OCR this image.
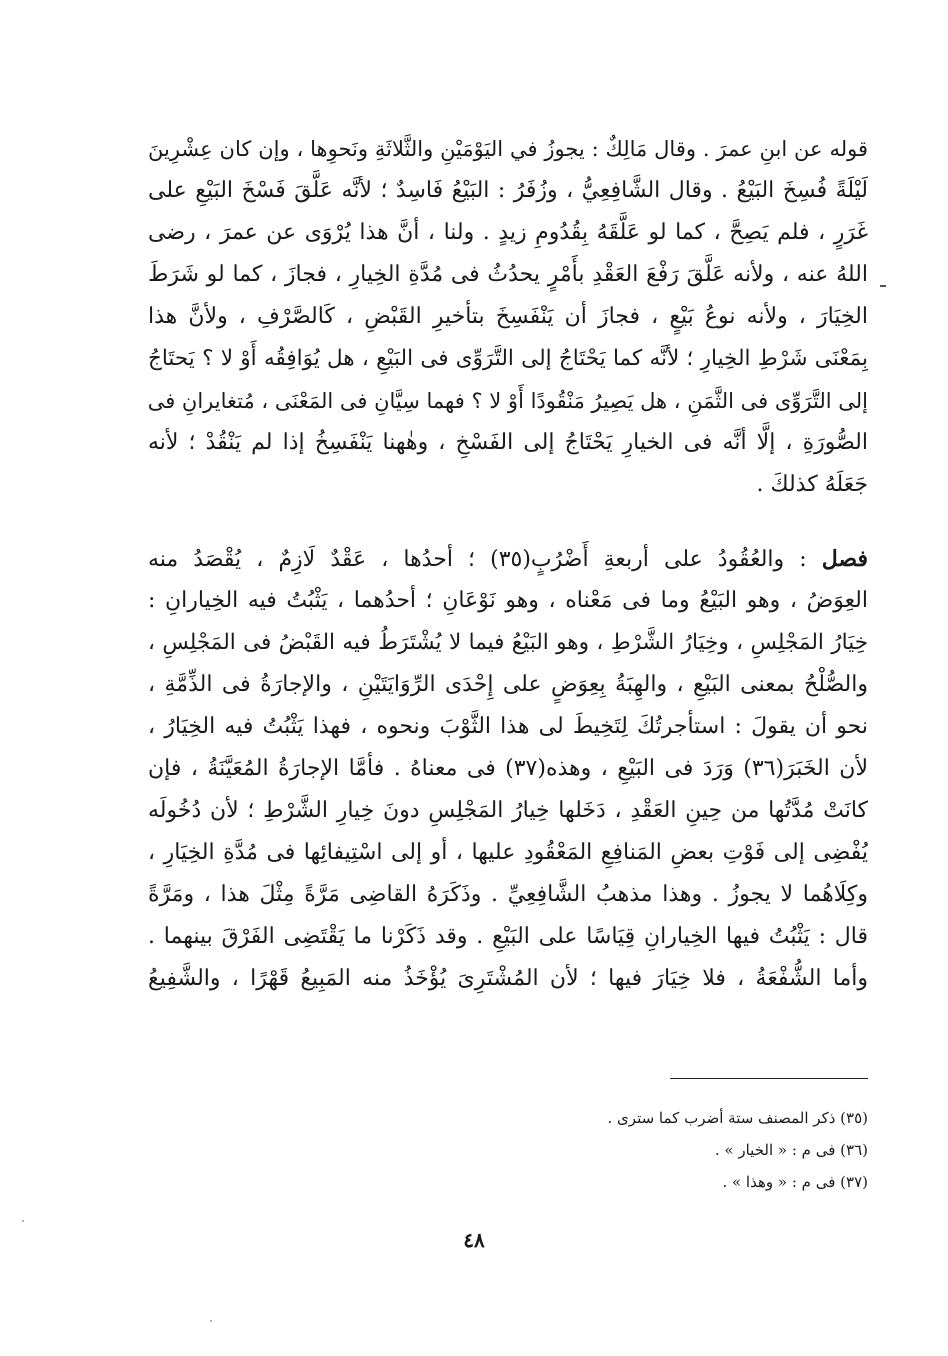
قوله عن ابنِ عمرَ . وقال مَالِكٌ : يجوزُ في اليَوْمَيْنِ والثَّلاثَةِ ونَحوِها ، وإن كان عِشْرِينَ
لَيْلَةً فُسِخَ البَيْعُ . وقال الشَّافِعِيُّ ، وزُفَرُ : البَيْعُ فَاسِدٌ ؛ لأنَّه عَلَّقَ فَسْخَ البَيْعِ على
غَرَرٍ ، فلم يَصِحَّ ، كما لو عَلَّقَهُ بِقُدُومِ زيدٍ . ولنا ، أنَّ هذا يُرْوَى عن عمرَ ، رضى
اللهُ عنه ، ولأنه عَلَّقَ رَفْعَ العَقْدِ بأَمْرٍ يحدُثُ فى مُدَّةِ الخِيارِ ، فجازَ ، كما لو شَرَطَ
الخِيَارَ ، ولأنه نوعُ بَيْعٍ ، فجازَ أن يَنْفَسِخَ بتأخيرِ القَبْضِ ، كَالصَّرْفِ ، ولأنَّ هذا
بِمَعْنَى شَرْطِ الخِيارِ ؛ لأنَّه كما يَحْتَاجُ إلى التَّرَوِّى فى البَيْعِ ، هل يُوَافِقُه أَوْ لا ؟ يَحتَاجُ
إلى التَّرَوِّى فى الثَّمَنِ ، هل يَصِيرُ مَنْقُودًا أَوْ لا ؟ فهما سِيَّانِ فى المَعْنَى ، مُتغايرانِ فى
الصُّورَةِ ، إلَّا أنَّه فى الخيارِ يَحْتَاجُ إلى الفَسْخِ ، وهٰهنا يَنْفَسِخُ إذا لم يَنْقُدْ ؛ لأنه
جَعَلَهُ كذلكَ .
فصل : والعُقُودُ على أربعةِ أَضْرُبٍ(٣٥) ؛ أحدُها ، عَقْدٌ لَازِمٌ ، يُقْصَدُ منه
العِوَضُ ، وهو البَيْعُ وما فى مَعْناه ، وهو نَوْعَانِ ؛ أحدُهما ، يَثْبُتُ فيه الخِيارانِ :
خِيَارُ المَجْلِسِ ، وخِيَارُ الشَّرْطِ ، وهو البَيْعُ فيما لا يُشْتَرَطُ فيه القَبْضُ فى المَجْلِسِ ،
والصُّلْحُ بمعنى البَيْعِ ، والهِبَةُ بِعِوَضٍ على إِحْدَى الرِّوَايَتَيْنِ ، والإجارَةُ فى الذِّمَّةِ ،
نحو أن يقولَ : استأجرتُكَ لِتَخِيطَ لى هذا الثَّوْبَ ونحوه ، فهذا يَثْبُتُ فيه الخِيَارُ ،
لأن الخَبَرَ(٣٦) وَرَدَ فى البَيْعِ ، وهذه(٣٧) فى معناهُ . فأمَّا الإجارَةُ المُعَيَّنَةُ ، فإن
كانَتْ مُدَّتُها من حِينِ العَقْدِ ، دَخَلها خِيارُ المَجْلِسِ دونَ خِيارِ الشَّرْطِ ؛ لأن دُخُولَه
يُفْضِى إلى فَوْتِ بعضِ المَنافِعِ المَعْقُودِ عليها ، أو إلى اسْتِيفائِها فى مُدَّةِ الخِيَارِ ،
وكِلَاهُما لا يجوزُ . وهذا مذهبُ الشَّافِعِيِّ . وذَكَرَهُ القاضِى مَرَّةً مِثْلَ هذا ، ومَرَّةً
قال : يَثْبُتُ فيها الخِيارانِ قِيَاسًا على البَيْعِ . وقد ذَكَرْنا ما يَقْتَضِى الفَرْقَ بينهما .
وأما الشُّفْعَةُ ، فلا خِيَارَ فيها ؛ لأن المُشْتَرِىَ يُؤْخَذُ منه المَبِيعُ قَهْرًا ، والشَّفِيعُ
(٣٥) ذكر المصنف ستة أضرب كما سترى .
(٣٦) فى م : « الخيار » .
(٣٧) فى م : « وهذا » .
٤٨
